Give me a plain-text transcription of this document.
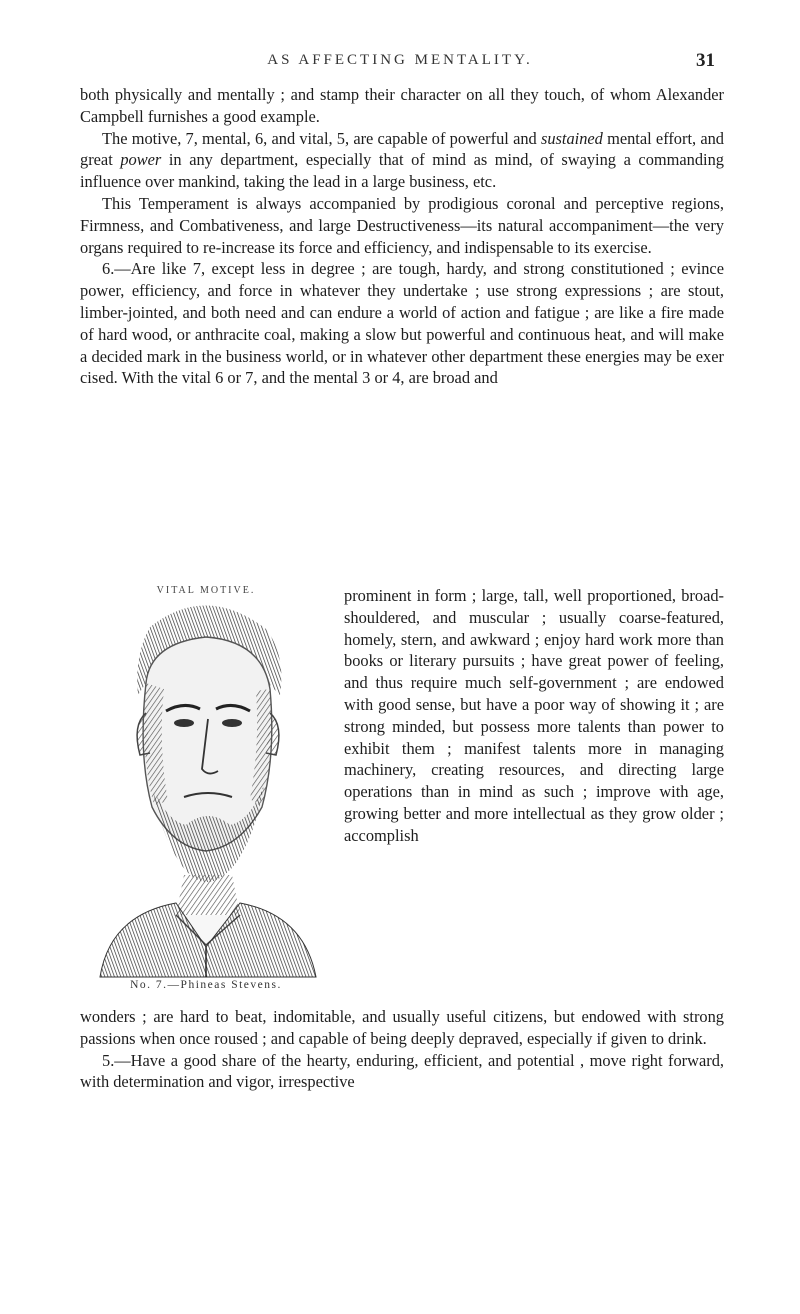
AS AFFECTING MENTALITY.	31

both physically and mentally ; and stamp their character on all they touch, of whom Alexander Campbell furnishes a good example.

The motive, 7, mental, 6, and vital, 5, are capable of powerful and sustained mental effort, and great power in any department, especially that of mind as mind, of swaying a commanding influence over mankind, taking the lead in a large business, etc.

This Temperament is always accompanied by prodigious coronal and perceptive regions, Firmness, and Combativeness, and large Destructiveness—its natural accompaniment—the very organs required to re-increase its force and efficiency, and indispensable to its exercise.

6.—Are like 7, except less in degree ; are tough, hardy, and strong constitutioned ; evince power, efficiency, and force in whatever they undertake ; use strong expressions ; are stout, limber-jointed, and both need and can endure a world of action and fatigue ; are like a fire made of hard wood, or anthracite coal, making a slow but powerful and continuous heat, and will make a decided mark in the business world, or in whatever other department these energies may be exer cised. With the vital 6 or 7, and the mental 3 or 4, are broad and

VITAL MOTIVE.
No. 7.—Phineas Stevens.
prominent in form ; large, tall, well proportioned, broad-shouldered, and muscular ; usually coarse-featured, homely, stern, and awkward ; enjoy hard work more than books or literary pursuits ; have great power of feeling, and thus require much self-government ; are endowed with good sense, but have a poor way of showing it ; are strong minded, but possess more talents than power to exhibit them ; manifest talents more in managing machinery, creating resources, and directing large operations than in mind as such ; improve with age, growing better and more intellectual as they grow older ; accomplish

wonders ; are hard to beat, indomitable, and usually useful citizens, but endowed with strong passions when once roused ; and capable of being deeply depraved, especially if given to drink.

5.—Have a good share of the hearty, enduring, efficient, and potential , move right forward, with determination and vigor, irrespective
